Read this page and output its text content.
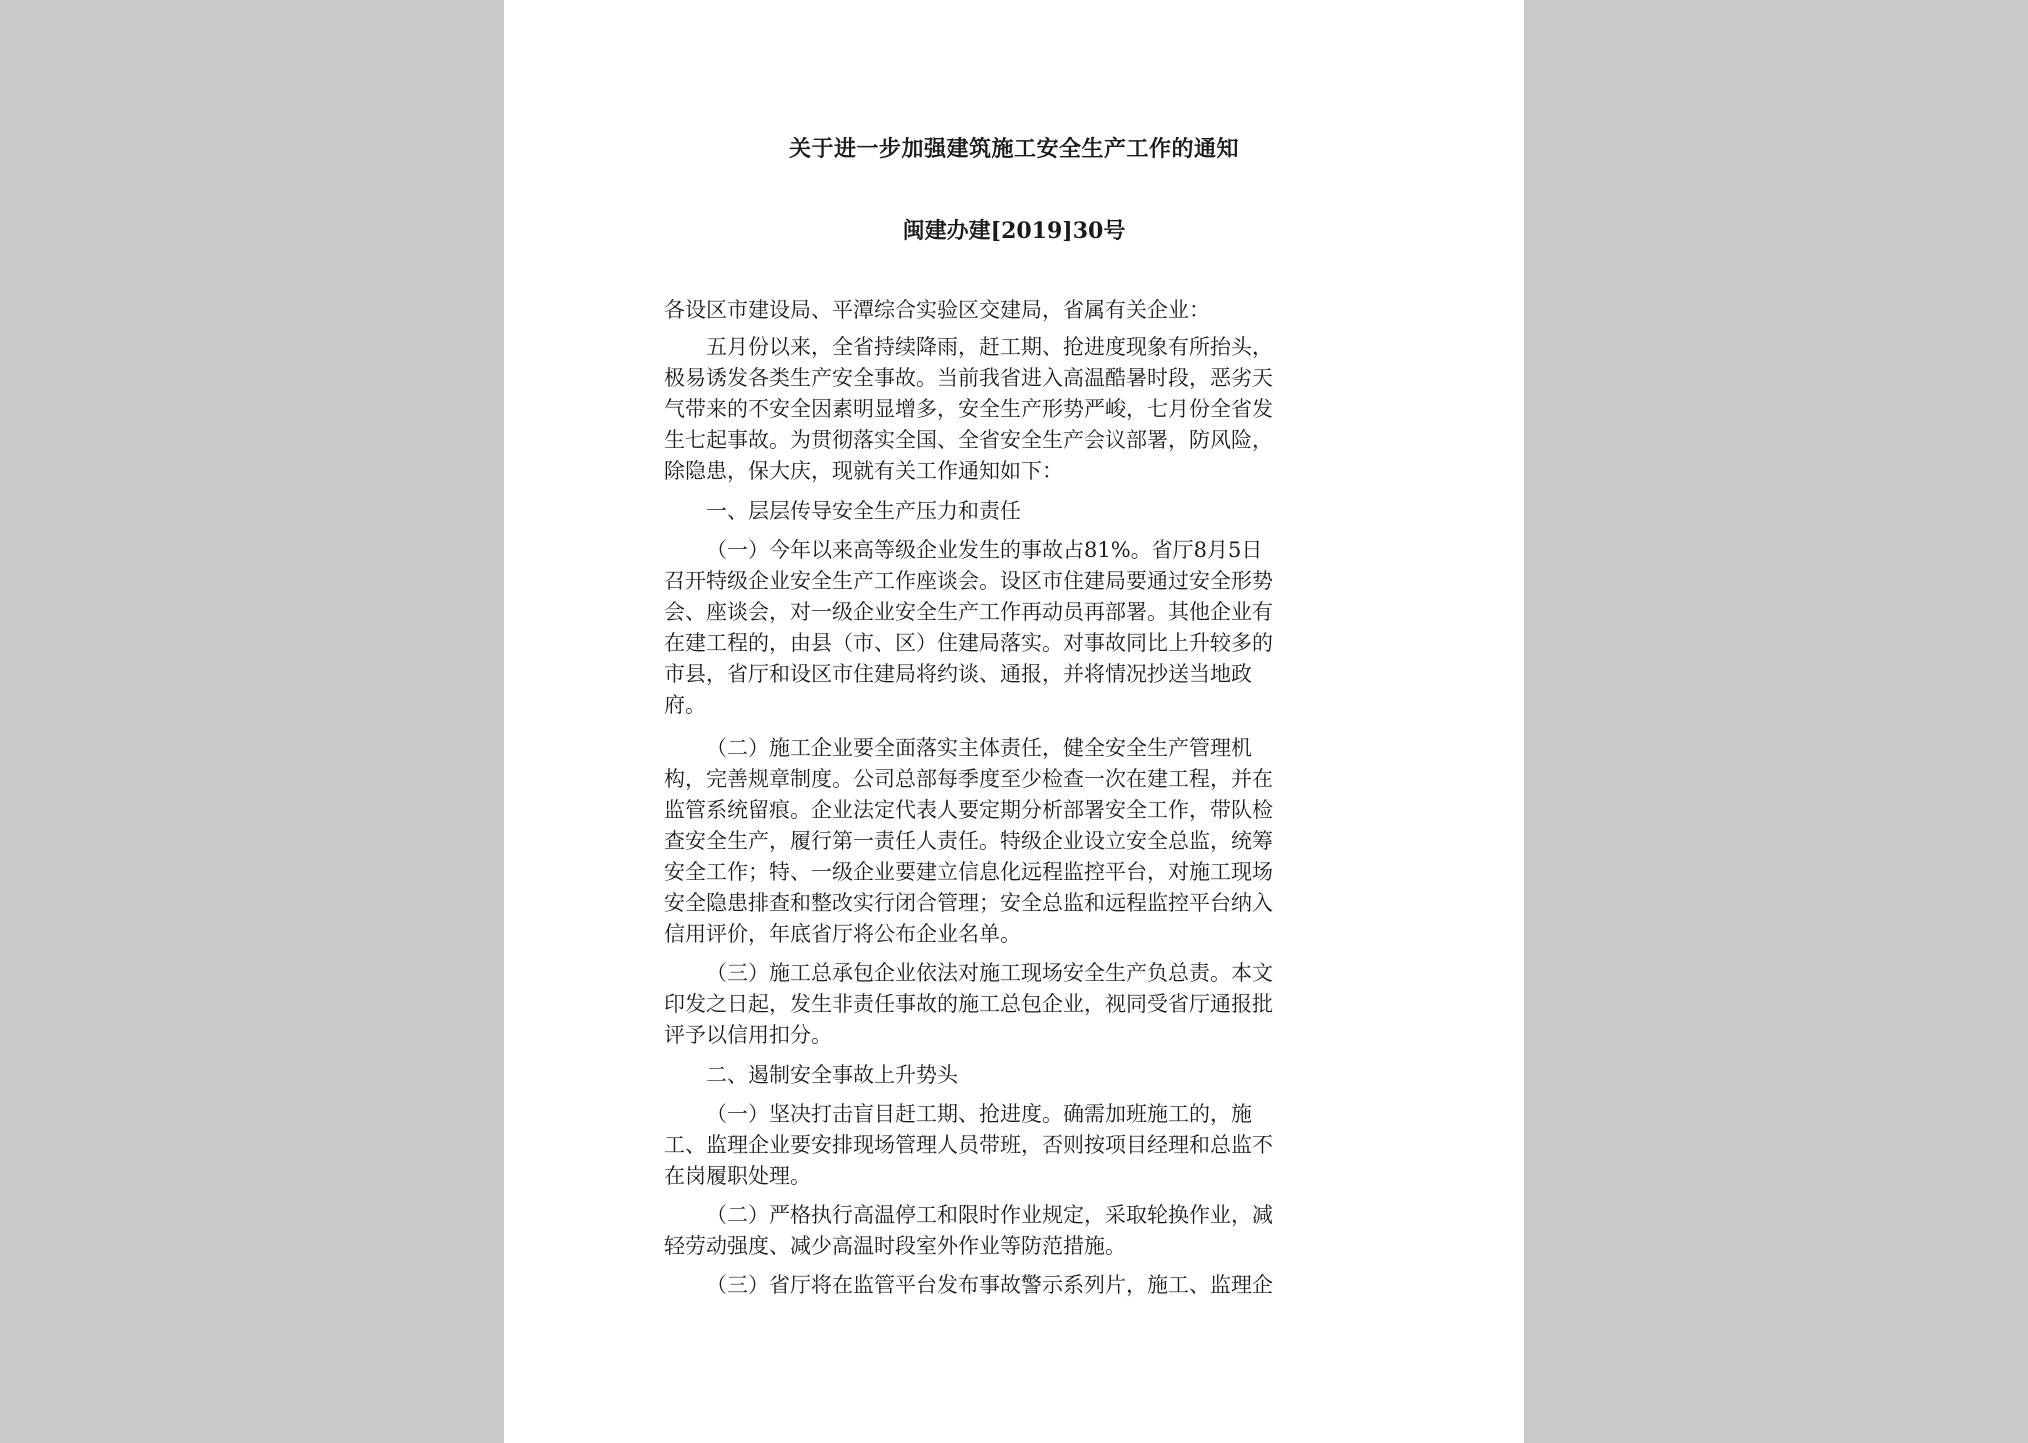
关于进一步加强建筑施工安全生产工作的通知
闽建办建[2019]30号
各设区市建设局、平潭综合实验区交建局，省属有关企业：
五月份以来，全省持续降雨，赶工期、抢进度现象有所抬头，
极易诱发各类生产安全事故。当前我省进入高温酷暑时段，恶劣天
气带来的不安全因素明显增多，安全生产形势严峻，七月份全省发
生七起事故。为贯彻落实全国、全省安全生产会议部署，防风险，
除隐患，保大庆，现就有关工作通知如下：
一、层层传导安全生产压力和责任
（一）今年以来高等级企业发生的事故占81%。省厅8月5日
召开特级企业安全生产工作座谈会。设区市住建局要通过安全形势
会、座谈会，对一级企业安全生产工作再动员再部署。其他企业有
在建工程的，由县（市、区）住建局落实。对事故同比上升较多的
市县，省厅和设区市住建局将约谈、通报，并将情况抄送当地政
府。
（二）施工企业要全面落实主体责任，健全安全生产管理机
构，完善规章制度。公司总部每季度至少检查一次在建工程，并在
监管系统留痕。企业法定代表人要定期分析部署安全工作，带队检
查安全生产，履行第一责任人责任。特级企业设立安全总监，统筹
安全工作；特、一级企业要建立信息化远程监控平台，对施工现场
安全隐患排查和整改实行闭合管理；安全总监和远程监控平台纳入
信用评价，年底省厅将公布企业名单。
（三）施工总承包企业依法对施工现场安全生产负总责。本文
印发之日起，发生非责任事故的施工总包企业，视同受省厅通报批
评予以信用扣分。
二、遏制安全事故上升势头
（一）坚决打击盲目赶工期、抢进度。确需加班施工的，施
工、监理企业要安排现场管理人员带班，否则按项目经理和总监不
在岗履职处理。
（二）严格执行高温停工和限时作业规定，采取轮换作业，减
轻劳动强度、减少高温时段室外作业等防范措施。
（三）省厅将在监管平台发布事故警示系列片，施工、监理企
